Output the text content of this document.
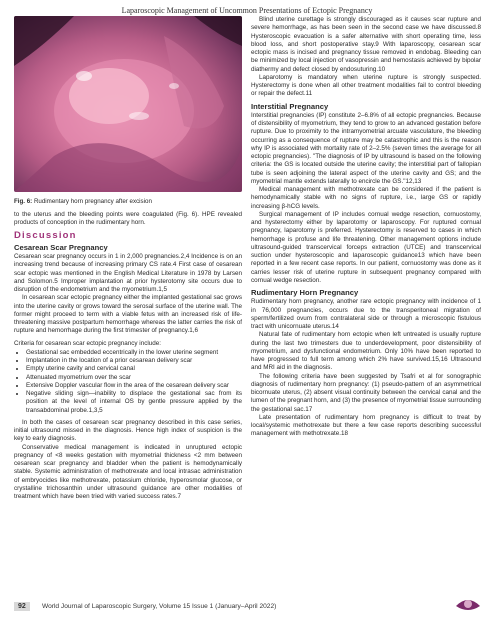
Laparoscopic Management of Uncommon Presentations of Ectopic Pregnancy
Fig. 6: Rudimentary horn pregnancy after excision

to the uterus and the bleeding points were coagulated (Fig. 6). HPE revealed products of conception in the rudimentary horn.

Discussion
Cesarean Scar Pregnancy

Cesarean scar pregnancy occurs in 1 in 2,000 pregnancies.2,4 Incidence is on an increasing trend because of increasing primary CS rate.4 First case of cesarean scar ectopic was mentioned in the English Medical Literature in 1978 by Larsen and Solomon.5 Improper implantation at prior hysterotomy site occurs due to disruption of the endometrium and the myometrium.1,5

In cesarean scar ectopic pregnancy either the implanted gestational sac grows into the uterine cavity or grows toward the serosal surface of the uterine wall. The former might proceed to term with a viable fetus with an increased risk of life-threatening massive postpartum hemorrhage whereas the latter carries the risk of rupture and hemorrhage during the first trimester of pregnancy.1,6

Criteria for cesarean scar ectopic pregnancy include:

• Gestational sac embedded eccentrically in the lower uterine segment
• Implantation in the location of a prior cesarean delivery scar
• Empty uterine cavity and cervical canal
• Attenuated myometrium over the scar
• Extensive Doppler vascular flow in the area of the cesarean delivery scar
• Negative sliding sign—inability to displace the gestational sac from its position at the level of internal OS by gentle pressure applied by the transabdominal probe.1,3,5

In both the cases of cesarean scar pregnancy described in this case series, initial ultrasound missed in the diagnosis. Hence high index of suspicion is the key to early diagnosis.

Conservative medical management is indicated in unruptured ectopic pregnancy of <8 weeks gestation with myometrial thickness <2 mm between cesarean scar pregnancy and bladder when the patient is hemodynamically stable. Systemic administration of methotrexate and local intrasac administration of embryocides like methotrexate, potassium chloride, hyperosmolar glucose, or crystalline trichosanthin under ultrasound guidance are other modalities of treatment which have been tried with varied success rates.7

Blind uterine curettage is strongly discouraged as it causes scar rupture and severe hemorrhage, as has been seen in the second case we have discussed.8 Hysteroscopic evacuation is a safer alternative with short operating time, less blood loss, and short postoperative stay.9 With laparoscopy, cesarean scar ectopic mass is incised and pregnancy tissue removed in endobag. Bleeding can be minimized by local injection of vasopressin and hemostasis achieved by bipolar diathermy and defect closed by endosuturing.10

Laparotomy is mandatory when uterine rupture is strongly suspected. Hysterectomy is done when all other treatment modalities fail to control bleeding or repair the defect.11

Interstitial Pregnancy

Interstitial pregnancies (IP) constitute 2–6.8% of all ectopic pregnancies. Because of distensibility of myometrium, they tend to grow to an advanced gestation before rupture. Due to proximity to the intramyometrial arcuate vasculature, the bleeding occurring as a consequence of rupture may be catastrophic and this is the reason why IP is associated with mortality rate of 2–2.5% (seven times the average for all ectopic pregnancies). "The diagnosis of IP by ultrasound is based on the following criteria: the GS is located outside the uterine cavity; the interstitial part of fallopian tube is seen adjoining the lateral aspect of the uterine cavity and GS; and the myometrial mantle extends laterally to encircle the GS."12,13

Medical management with methotrexate can be considered if the patient is hemodynamically stable with no signs of rupture, i.e., large GS or rapidly increasing β-hCG levels.

Surgical management of IP includes cornual wedge resection, cornuostomy, and hysterectomy either by laparotomy or laparoscopy. For ruptured cornual pregnancy, laparotomy is preferred. Hysterectomy is reserved to cases in which hemorrhage is profuse and life threatening. Other management options include ultrasound-guided transcervical forceps extraction (UTCE) and transcervical suction under hysteroscopic and laparoscopic guidance13 which have been reported in a few recent case reports. In our patient, cornuostomy was done as it carries lesser risk of uterine rupture in subsequent pregnancy compared with cornual wedge resection.

Rudimentary Horn Pregnancy

Rudimentary horn pregnancy, another rare ectopic pregnancy with incidence of 1 in 76,000 pregnancies, occurs due to the transperitoneal migration of sperm/fertilized ovum from contralateral side or through a microscopic fistulous tract with unicornuate uterus.14

Natural fate of rudimentary horn ectopic when left untreated is usually rupture during the last two trimesters due to underdevelopment, poor distensibility of myometrium, and dysfunctional endometrium. Only 10% have been reported to have progressed to full term among which 2% have survived.15,16 Ultrasound and MRI aid in the diagnosis.

The following criteria have been suggested by Tsafri et al for sonographic diagnosis of rudimentary horn pregnancy: (1) pseudo-pattern of an asymmetrical bicornuate uterus, (2) absent visual continuity between the cervical canal and the lumen of the pregnant horn, and (3) the presence of myometrial tissue surrounding the gestational sac.17

Late presentation of rudimentary horn pregnancy is difficult to treat by local/systemic methotrexate but there a few case reports describing successful management with methotrexate.18

92	World Journal of Laparoscopic Surgery, Volume 15 Issue 1 (January–April 2022)
